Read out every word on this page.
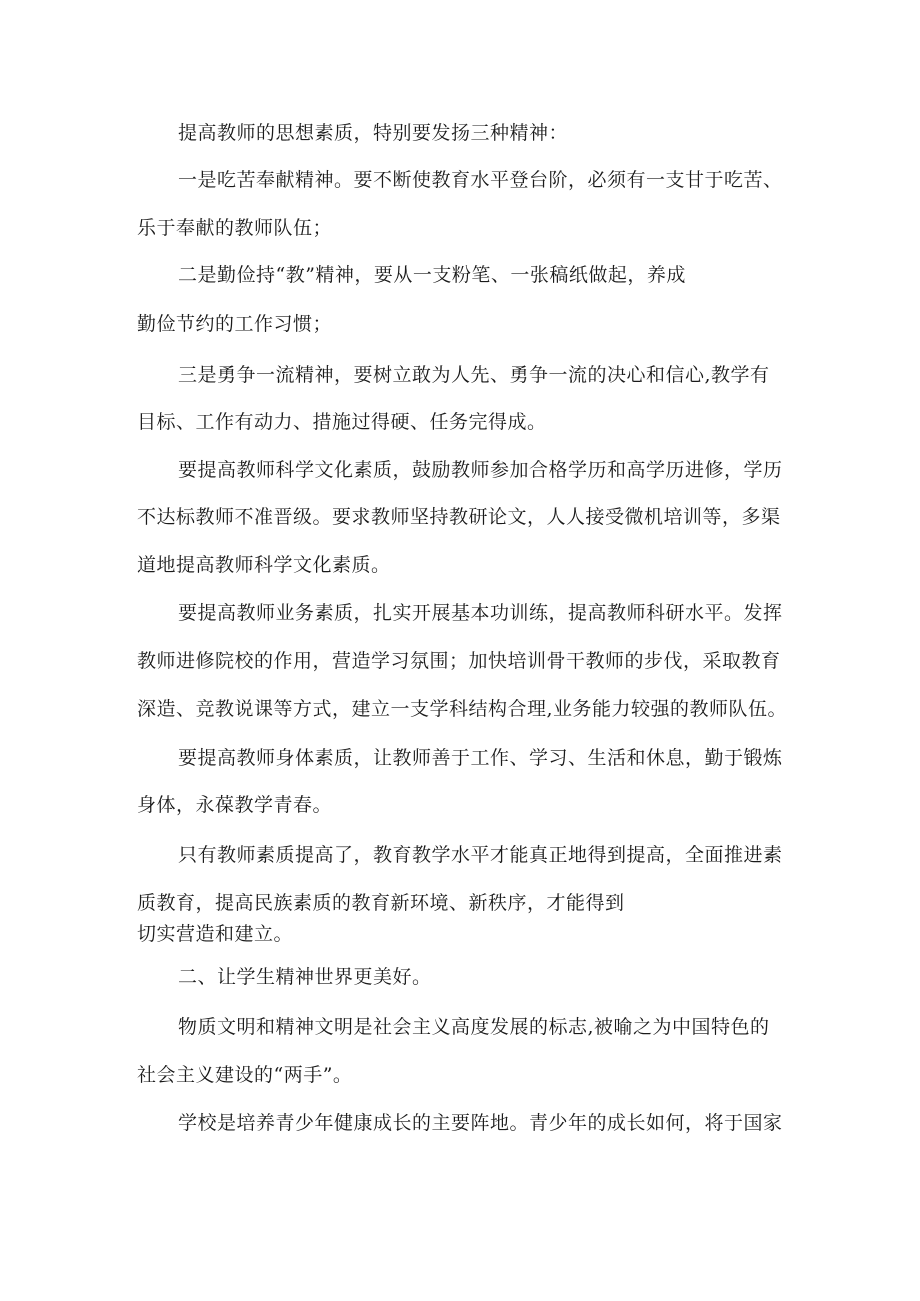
提高教师的思想素质，特别要发扬三种精神：
一是吃苦奉献精神。要不断使教育水平登台阶，必须有一支甘于吃苦、
乐于奉献的教师队伍；
二是勤俭持“教”精神，要从一支粉笔、一张稿纸做起，养成
勤俭节约的工作习惯；
三是勇争一流精神，要树立敢为人先、勇争一流的决心和信心,教学有
目标、工作有动力、措施过得硬、任务完得成。
要提高教师科学文化素质，鼓励教师参加合格学历和高学历进修，学历
不达标教师不准晋级。要求教师坚持教研论文，人人接受微机培训等，多渠
道地提高教师科学文化素质。
要提高教师业务素质，扎实开展基本功训练，提高教师科研水平。发挥
教师进修院校的作用，营造学习氛围；加快培训骨干教师的步伐，采取教育
深造、竞教说课等方式，建立一支学科结构合理,业务能力较强的教师队伍。
要提高教师身体素质，让教师善于工作、学习、生活和休息，勤于锻炼
身体，永葆教学青春。
只有教师素质提高了，教育教学水平才能真正地得到提高，全面推进素
质教育，提高民族素质的教育新环境、新秩序，才能得到
切实营造和建立。
二、让学生精神世界更美好。
物质文明和精神文明是社会主义高度发展的标志,被喻之为中国特色的
社会主义建设的“两手”。
学校是培养青少年健康成长的主要阵地。青少年的成长如何，将于国家
